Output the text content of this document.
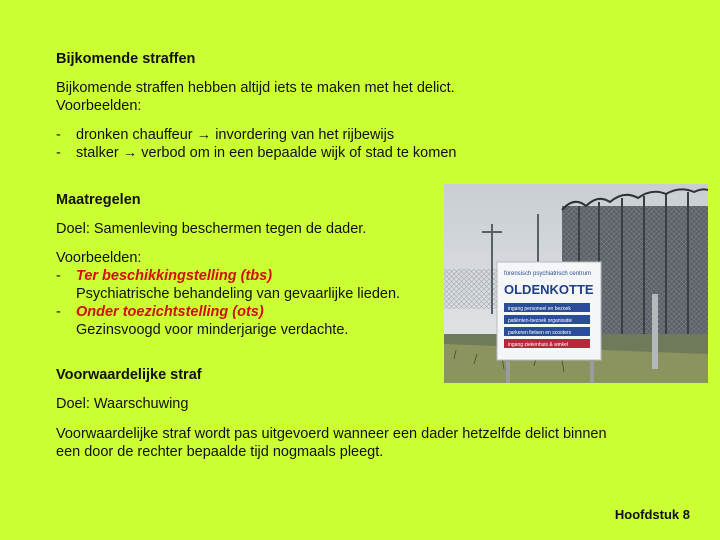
Bijkomende straffen
Bijkomende straffen hebben altijd iets te maken met het delict.
Voorbeelden:
- dronken chauffeur → invordering van het rijbewijs
- stalker → verbod om in een bepaalde wijk of stad te komen
Maatregelen
Doel: Samenleving beschermen tegen de dader.
Voorbeelden:
- Ter beschikkingstelling (tbs)
Psychiatrische behandeling van gevaarlijke lieden.
- Onder toezichtstelling (ots)
Gezinsvoogd voor minderjarige verdachte.
Voorwaardelijke straf
Doel: Waarschuwing
Voorwaardelijke straf wordt pas uitgevoerd wanneer een dader hetzelfde delict binnen
een door de rechter bepaalde tijd nogmaals pleegt.
forensisch psychiatrisch centrum
OLDENKOTTE
ingang personeel en bezoek
patiënten-bezoek organisatie
parkeren fietsen en scooters
ingang ziekenhuis & winkel
Hoofdstuk 8
